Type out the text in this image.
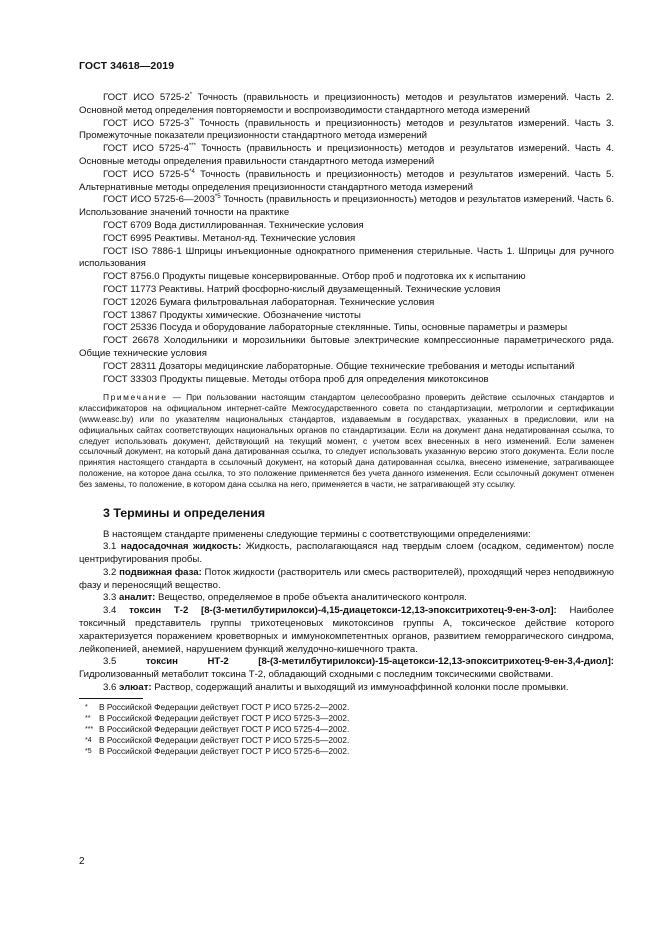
ГОСТ 34618—2019

ГОСТ ИСО 5725-2* Точность (правильность и прецизионность) методов и результатов измерений. Часть 2. Основной метод определения повторяемости и воспроизводимости стандартного метода измерений

ГОСТ ИСО 5725-3** Точность (правильность и прецизионность) методов и результатов измерений. Часть 3. Промежуточные показатели прецизионности стандартного метода измерений

ГОСТ ИСО 5725-4*** Точность (правильность и прецизионность) методов и результатов измерений. Часть 4. Основные методы определения правильности стандартного метода измерений

ГОСТ ИСО 5725-5$^{*4}$ Точность (правильность и прецизионность) методов и результатов измерений. Часть 5. Альтернативные методы определения прецизионности стандартного метода измерений

ГОСТ ИСО 5725-6—2003$^{*5}$ Точность (правильность и прецизионность) методов и результатов измерений. Часть 6. Использование значений точности на практике

ГОСТ 6709 Вода дистиллированная. Технические условия

ГОСТ 6995 Реактивы. Метанол-яд. Технические условия

ГОСТ ISO 7886-1 Шприцы инъекционные однократного применения стерильные. Часть 1. Шприцы для ручного использования

ГОСТ 8756.0 Продукты пищевые консервированные. Отбор проб и подготовка их к испытанию

ГОСТ 11773 Реактивы. Натрий фосфорно-кислый двузамещенный. Технические условия

ГОСТ 12026 Бумага фильтровальная лабораторная. Технические условия

ГОСТ 13867 Продукты химические. Обозначение чистоты

ГОСТ 25336 Посуда и оборудование лабораторные стеклянные. Типы, основные параметры и размеры

ГОСТ 26678 Холодильники и морозильники бытовые электрические компрессионные параметрического ряда. Общие технические условия

ГОСТ 28311 Дозаторы медицинские лабораторные. Общие технические требования и методы испытаний

ГОСТ 33303 Продукты пищевые. Методы отбора проб для определения микотоксинов

Примечание — При пользовании настоящим стандартом целесообразно проверить действие ссылочных стандартов и классификаторов на официальном интернет-сайте Межгосударственного совета по стандартизации, метрологии и сертификации (www.easc.by) или по указателям национальных стандартов, издаваемым в государствах, указанных в предисловии, или на официальных сайтах соответствующих национальных органов по стандартизации. Если на документ дана недатированная ссылка, то следует использовать документ, действующий на текущий момент, с учетом всех внесенных в него изменений. Если заменен ссылочный документ, на который дана датированная ссылка, то следует использовать указанную версию этого документа. Если после принятия настоящего стандарта в ссылочный документ, на который дана датированная ссылка, внесено изменение, затрагивающее положение, на которое дана ссылка, то это положение применяется без учета данного изменения. Если ссылочный документ отменен без замены, то положение, в котором дана ссылка на него, применяется в части, не затрагивающей эту ссылку.

3 Термины и определения

В настоящем стандарте применены следующие термины с соответствующими определениями:

3.1 надосадочная жидкость: Жидкость, располагающаяся над твердым слоем (осадком, седиментом) после центрифугирования пробы.

3.2 подвижная фаза: Поток жидкости (растворитель или смесь растворителей), проходящий через неподвижную фазу и переносящий вещество.

3.3 аналит: Вещество, определяемое в пробе объекта аналитического контроля.

3.4 токсин Т-2 [8-(3-метилбутирилокси)-4,15-диацетокси-12,13-эпокситрихотец-9-ен-3-ол]: Наиболее токсичный представитель группы трихотеценовых микотоксинов группы А, токсическое действие которого характеризуется поражением кроветворных и иммунокомпетентных органов, развитием геморрагического синдрома, лейкопенией, анемией, нарушением функций желудочно-кишечного тракта.

3.5 токсин НТ-2 [8-(3-метилбутирилокси)-15-ацетокси-12,13-эпокситрихотец-9-ен-3,4-диол]: Гидролизованный метаболит токсина Т-2, обладающий сходными с последним токсическими свойствами.

3.6 элюат: Раствор, содержащий аналиты и выходящий из иммуноаффинной колонки после промывки.

* В Российской Федерации действует ГОСТ Р ИСО 5725-2—2002.

** В Российской Федерации действует ГОСТ Р ИСО 5725-3—2002.

*** В Российской Федерации действует ГОСТ Р ИСО 5725-4—2002.

*4 В Российской Федерации действует ГОСТ Р ИСО 5725-5—2002.

*5 В Российской Федерации действует ГОСТ Р ИСО 5725-6—2002.

2
